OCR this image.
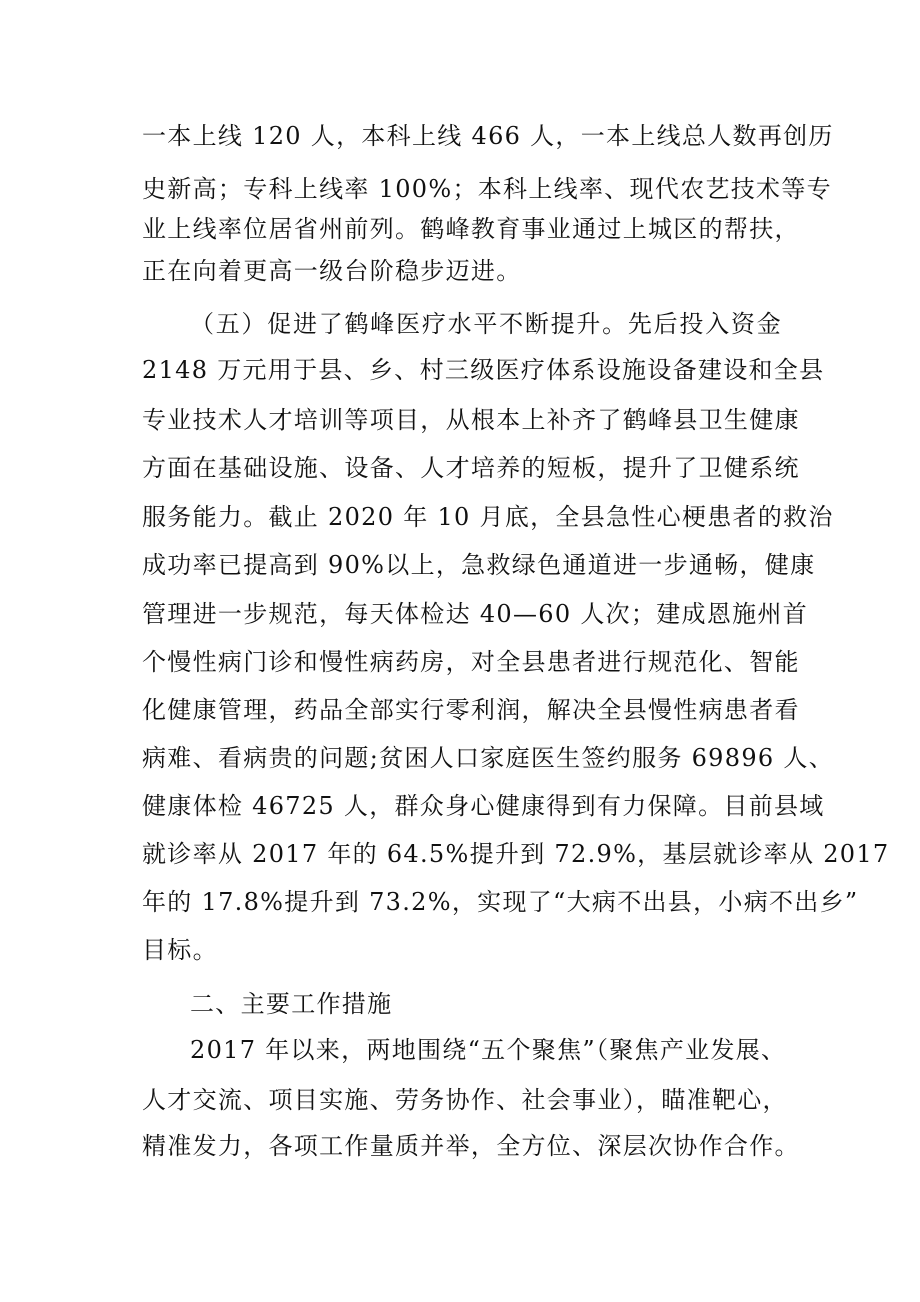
一本上线 120 人，本科上线 466 人，一本上线总人数再创历
史新高；专科上线率 100%；本科上线率、现代农艺技术等专
业上线率位居省州前列。鹤峰教育事业通过上城区的帮扶，
正在向着更高一级台阶稳步迈进。
（五）促进了鹤峰医疗水平不断提升。先后投入资金
2148 万元用于县、乡、村三级医疗体系设施设备建设和全县
专业技术人才培训等项目，从根本上补齐了鹤峰县卫生健康
方面在基础设施、设备、人才培养的短板，提升了卫健系统
服务能力。截止 2020 年 10 月底，全县急性心梗患者的救治
成功率已提高到 90%以上，急救绿色通道进一步通畅，健康
管理进一步规范，每天体检达 40—60 人次；建成恩施州首
个慢性病门诊和慢性病药房，对全县患者进行规范化、智能
化健康管理，药品全部实行零利润，解决全县慢性病患者看
病难、看病贵的问题;贫困人口家庭医生签约服务 69896 人、
健康体检 46725 人，群众身心健康得到有力保障。目前县域
就诊率从 2017 年的 64.5%提升到 72.9%，基层就诊率从 2017
年的 17.8%提升到 73.2%，实现了“大病不出县，小病不出乡”
目标。
二、主要工作措施
2017 年以来，两地围绕“五个聚焦”（聚焦产业发展、
人才交流、项目实施、劳务协作、社会事业），瞄准靶心，
精准发力，各项工作量质并举，全方位、深层次协作合作。
